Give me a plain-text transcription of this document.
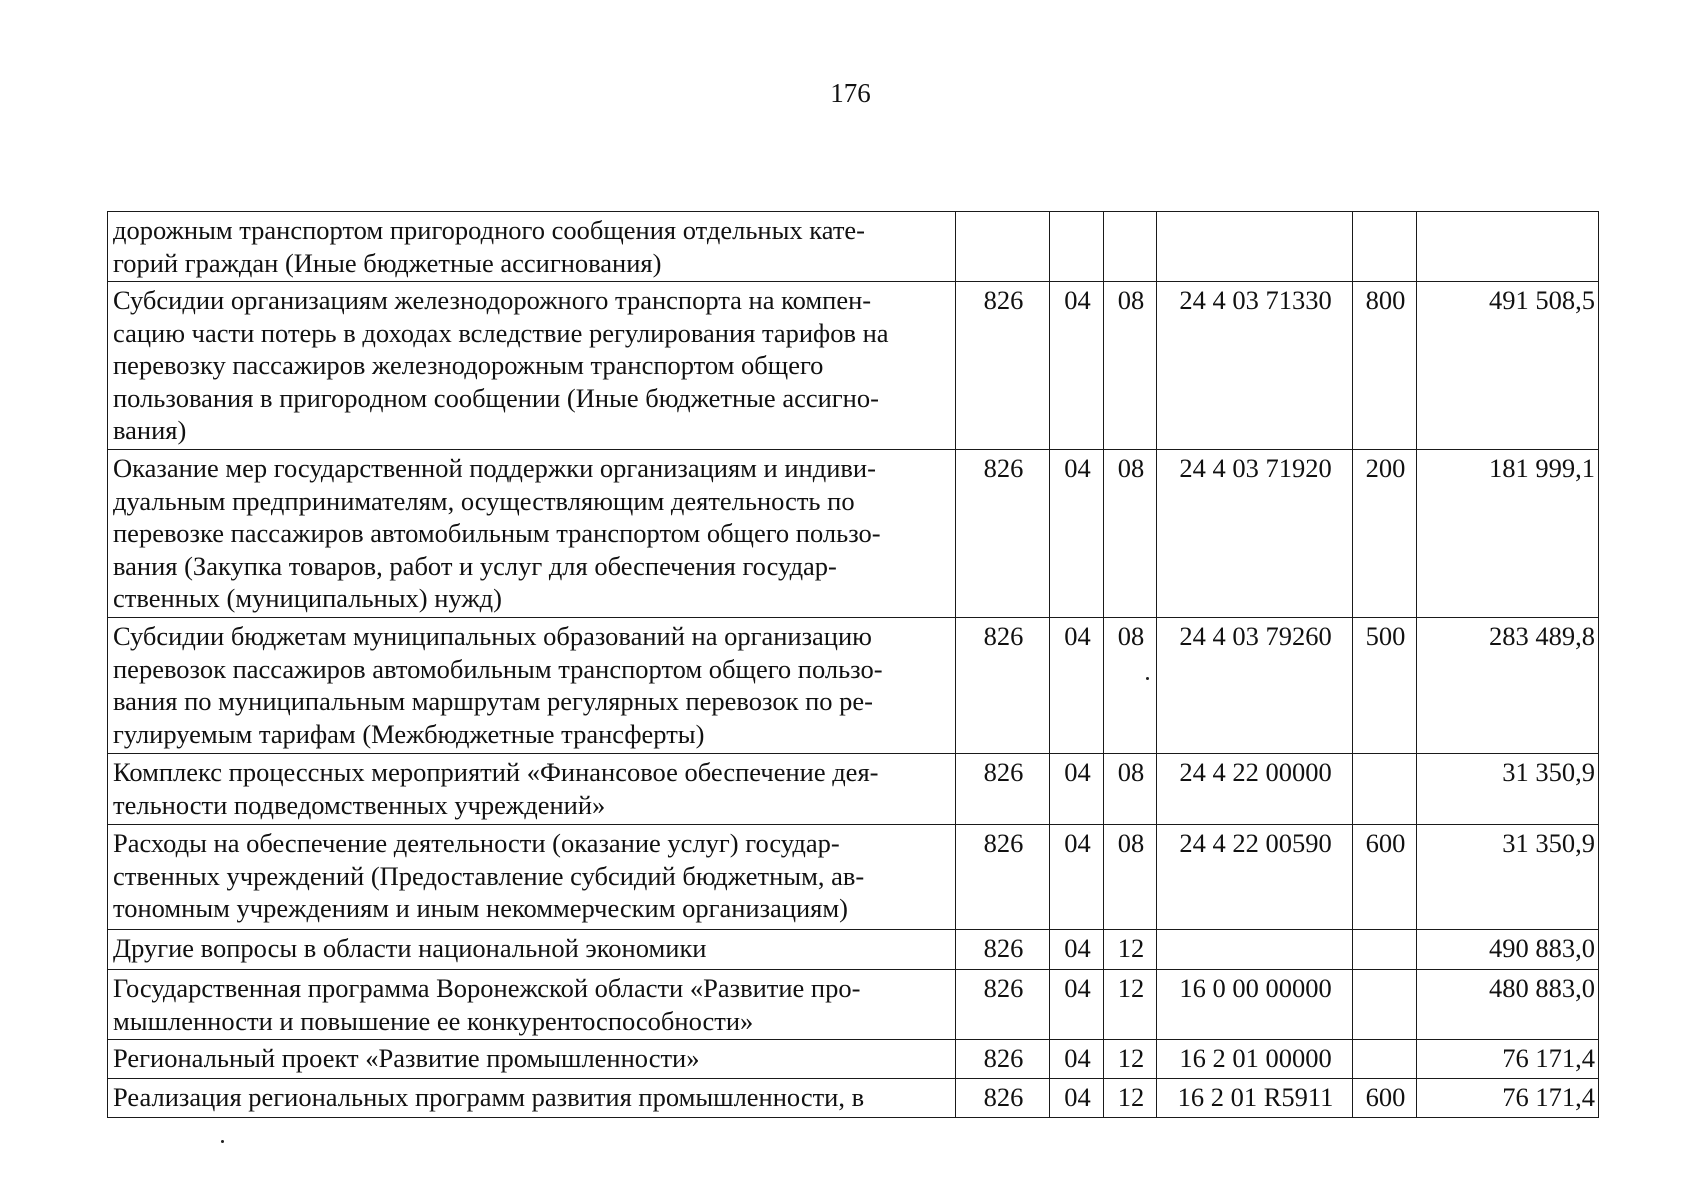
176
дорожным транспортом пригородного сообщения отдельных кате-
горий граждан (Иные бюджетные ассигнования)						
Субсидии организациям железнодорожного транспорта на компен-
сацию части потерь в доходах вследствие регулирования тарифов на
перевозку пассажиров железнодорожным транспортом общего
пользования в пригородном сообщении (Иные бюджетные ассигно-
вания)	826	04	08	24 4 03 71330	800	491 508,5
Оказание мер государственной поддержки организациям и индиви-
дуальным предпринимателям, осуществляющим деятельность по
перевозке пассажиров автомобильным транспортом общего пользо-
вания (Закупка товаров, работ и услуг для обеспечения государ-
ственных (муниципальных) нужд)	826	04	08	24 4 03 71920	200	181 999,1
Субсидии бюджетам муниципальных образований на организацию
перевозок пассажиров автомобильным транспортом общего пользо-
вания по муниципальным маршрутам регулярных перевозок по ре-
гулируемым тарифам (Межбюджетные трансферты)	826	04	08	24 4 03 79260	500	283 489,8
Комплекс процессных мероприятий «Финансовое обеспечение дея-
тельности подведомственных учреждений»	826	04	08	24 4 22 00000		31 350,9
Расходы на обеспечение деятельности (оказание услуг) государ-
ственных учреждений (Предоставление субсидий бюджетным, ав-
тономным учреждениям и иным некоммерческим организациям)	826	04	08	24 4 22 00590	600	31 350,9
Другие вопросы в области национальной экономики	826	04	12			490 883,0
Государственная программа Воронежской области «Развитие про-
мышленности и повышение ее конкурентоспособности»	826	04	12	16 0 00 00000		480 883,0
Региональный проект «Развитие промышленности»	826	04	12	16 2 01 00000		76 171,4
Реализация региональных программ развития промышленности, в	826	04	12	16 2 01 R5911	600	76 171,4
